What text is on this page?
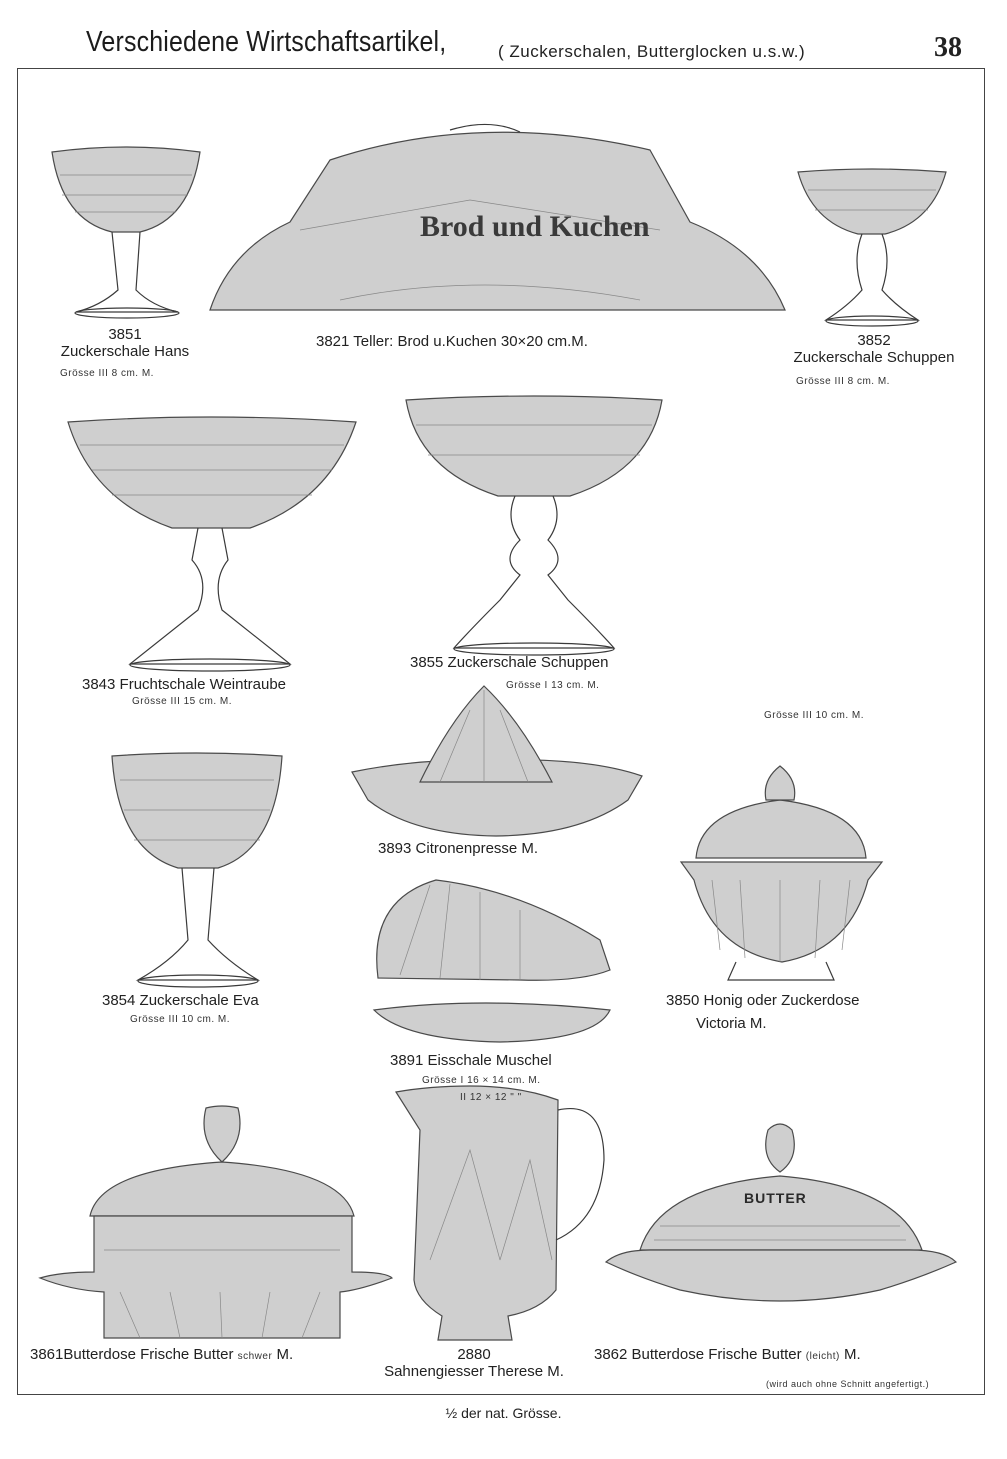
Verschiedene Wirtschaftsartikel,	( Zuckerschalen, Butterglocken u.s.w.)	38
Brod und Kuchen
BUTTER
3851
Zuckerschale Hans
Grösse III 8 cm. M.
3821 Teller: Brod u.Kuchen 30×20 cm.M.	3852
Zuckerschale Schuppen
Grösse III 8 cm. M.
3843 Fruchtschale Weintraube
Grösse III 15 cm. M.
3855 Zuckerschale Schuppen
Grösse I 13 cm. M.
Grösse III 10 cm. M.
3893 Citronenpresse M.
3854 Zuckerschale Eva
Grösse III 10 cm. M.
3850 Honig oder Zuckerdose
Victoria M.
3891 Eisschale Muschel
Grösse I 16 × 14 cm. M.
II 12 × 12 " "
3861Butterdose Frische Butter schwer M.	2880
Sahnengiesser Therese M.
3862 Butterdose Frische Butter (leicht) M.
(wird auch ohne Schnitt angefertigt.)
½ der nat. Grösse.
